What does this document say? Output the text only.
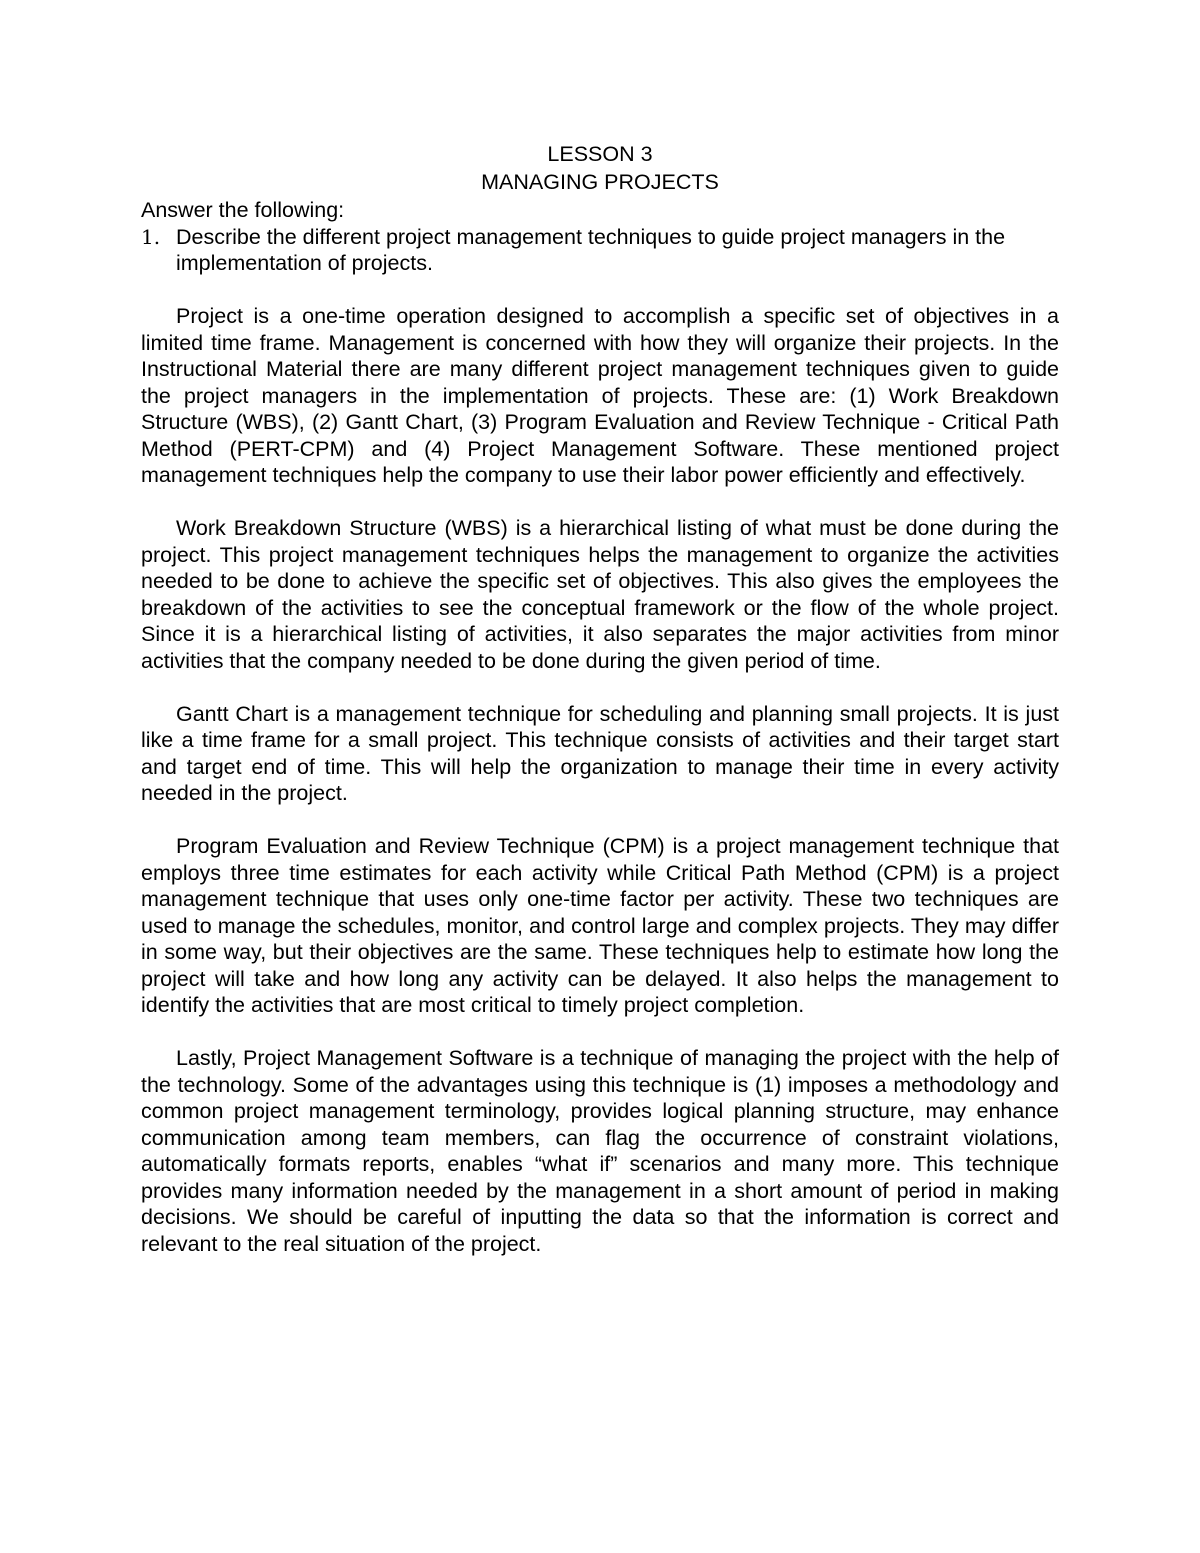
LESSON 3

MANAGING PROJECTS

Answer the following:

1. Describe the different project management techniques to guide project managers in the implementation of projects.

Project is a one-time operation designed to accomplish a specific set of objectives in a limited time frame. Management is concerned with how they will organize their projects. In the Instructional Material there are many different project management techniques given to guide the project managers in the implementation of projects. These are: (1) Work Breakdown Structure (WBS), (2) Gantt Chart, (3) Program Evaluation and Review Technique - Critical Path Method (PERT-CPM) and (4) Project Management Software. These mentioned project management techniques help the company to use their labor power efficiently and effectively.

Work Breakdown Structure (WBS) is a hierarchical listing of what must be done during the project. This project management techniques helps the management to organize the activities needed to be done to achieve the specific set of objectives. This also gives the employees the breakdown of the activities to see the conceptual framework or the flow of the whole project. Since it is a hierarchical listing of activities, it also separates the major activities from minor activities that the company needed to be done during the given period of time.

Gantt Chart is a management technique for scheduling and planning small projects. It is just like a time frame for a small project. This technique consists of activities and their target start and target end of time. This will help the organization to manage their time in every activity needed in the project.

Program Evaluation and Review Technique (CPM) is a project management technique that employs three time estimates for each activity while Critical Path Method (CPM) is a project management technique that uses only one-time factor per activity. These two techniques are used to manage the schedules, monitor, and control large and complex projects. They may differ in some way, but their objectives are the same. These techniques help to estimate how long the project will take and how long any activity can be delayed. It also helps the management to identify the activities that are most critical to timely project completion.

Lastly, Project Management Software is a technique of managing the project with the help of the technology. Some of the advantages using this technique is (1) imposes a methodology and common project management terminology, provides logical planning structure, may enhance communication among team members, can flag the occurrence of constraint violations, automatically formats reports, enables “what if” scenarios and many more. This technique provides many information needed by the management in a short amount of period in making decisions. We should be careful of inputting the data so that the information is correct and relevant to the real situation of the project.
